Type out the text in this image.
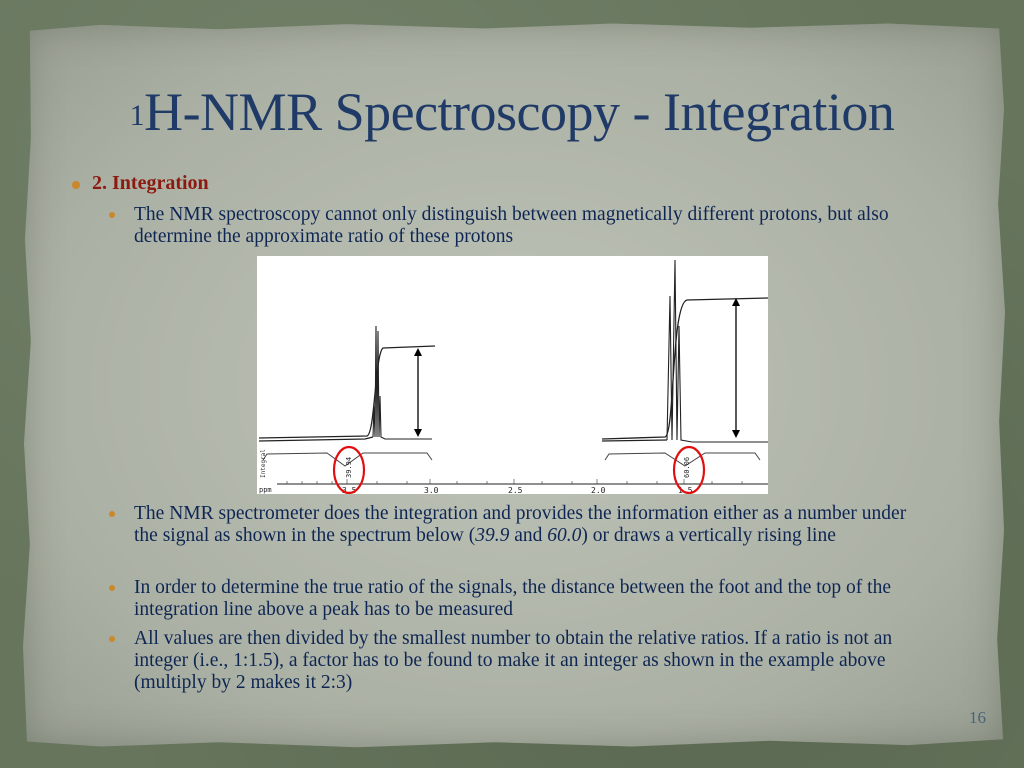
$^1$H-NMR Spectroscopy - Integration
2. Integration
The NMR spectroscopy cannot only distinguish between magnetically different protons, but also determine the approximate ratio of these protons
Integral	39.94	60.06
ppm	3.5	3.0	2.5	2.0	1.5
The NMR spectrometer does the integration and provides the information either as a number under the signal as shown in the spectrum below (39.9 and 60.0) or draws a vertically rising line
In order to determine the true ratio of the signals, the distance between the foot and the top of the integration line above a peak has to be measured
All values are then divided by the smallest number to obtain the relative ratios. If a ratio is not an integer (i.e., 1:1.5), a factor has to be found to make it an integer as shown in the example above (multiply by 2 makes it 2:3)
16
